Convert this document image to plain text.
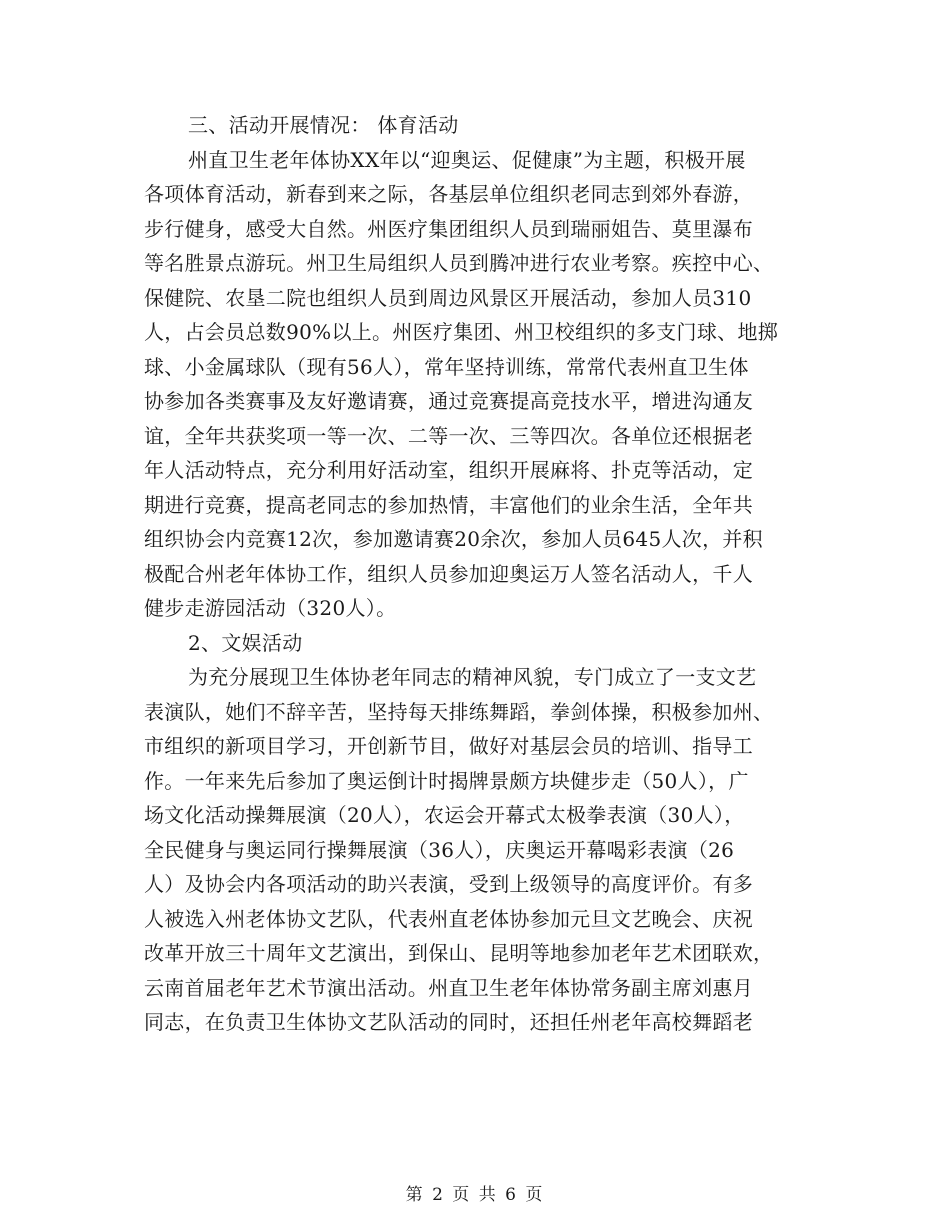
三、活动开展情况： 体育活动
州直卫生老年体协XX年以“迎奥运、促健康”为主题，积极开展
各项体育活动，新春到来之际，各基层单位组织老同志到郊外春游，
步行健身，感受大自然。州医疗集团组织人员到瑞丽姐告、莫里瀑布
等名胜景点游玩。州卫生局组织人员到腾冲进行农业考察。疾控中心、
保健院、农垦二院也组织人员到周边风景区开展活动，参加人员310
人，占会员总数90%以上。州医疗集团、州卫校组织的多支门球、地掷
球、小金属球队（现有56人），常年坚持训练，常常代表州直卫生体
协参加各类赛事及友好邀请赛，通过竞赛提高竞技水平，增进沟通友
谊，全年共获奖项一等一次、二等一次、三等四次。各单位还根据老
年人活动特点，充分利用好活动室，组织开展麻将、扑克等活动，定
期进行竞赛，提高老同志的参加热情，丰富他们的业余生活，全年共
组织协会内竞赛12次，参加邀请赛20余次，参加人员645人次，并积
极配合州老年体协工作，组织人员参加迎奥运万人签名活动人，千人
健步走游园活动（320人）。
2、文娱活动
为充分展现卫生体协老年同志的精神风貌，专门成立了一支文艺
表演队，她们不辞辛苦，坚持每天排练舞蹈，拳剑体操，积极参加州、
市组织的新项目学习，开创新节目，做好对基层会员的培训、指导工
作。一年来先后参加了奥运倒计时揭牌景颇方块健步走（50人），广
场文化活动操舞展演（20人），农运会开幕式太极拳表演（30人），
全民健身与奥运同行操舞展演（36人），庆奥运开幕喝彩表演（26
人）及协会内各项活动的助兴表演，受到上级领导的高度评价。有多
人被选入州老体协文艺队，代表州直老体协参加元旦文艺晚会、庆祝
改革开放三十周年文艺演出，到保山、昆明等地参加老年艺术团联欢，
云南首届老年艺术节演出活动。州直卫生老年体协常务副主席刘惠月
同志，在负责卫生体协文艺队活动的同时，还担任州老年高校舞蹈老
第 2 页 共 6 页
